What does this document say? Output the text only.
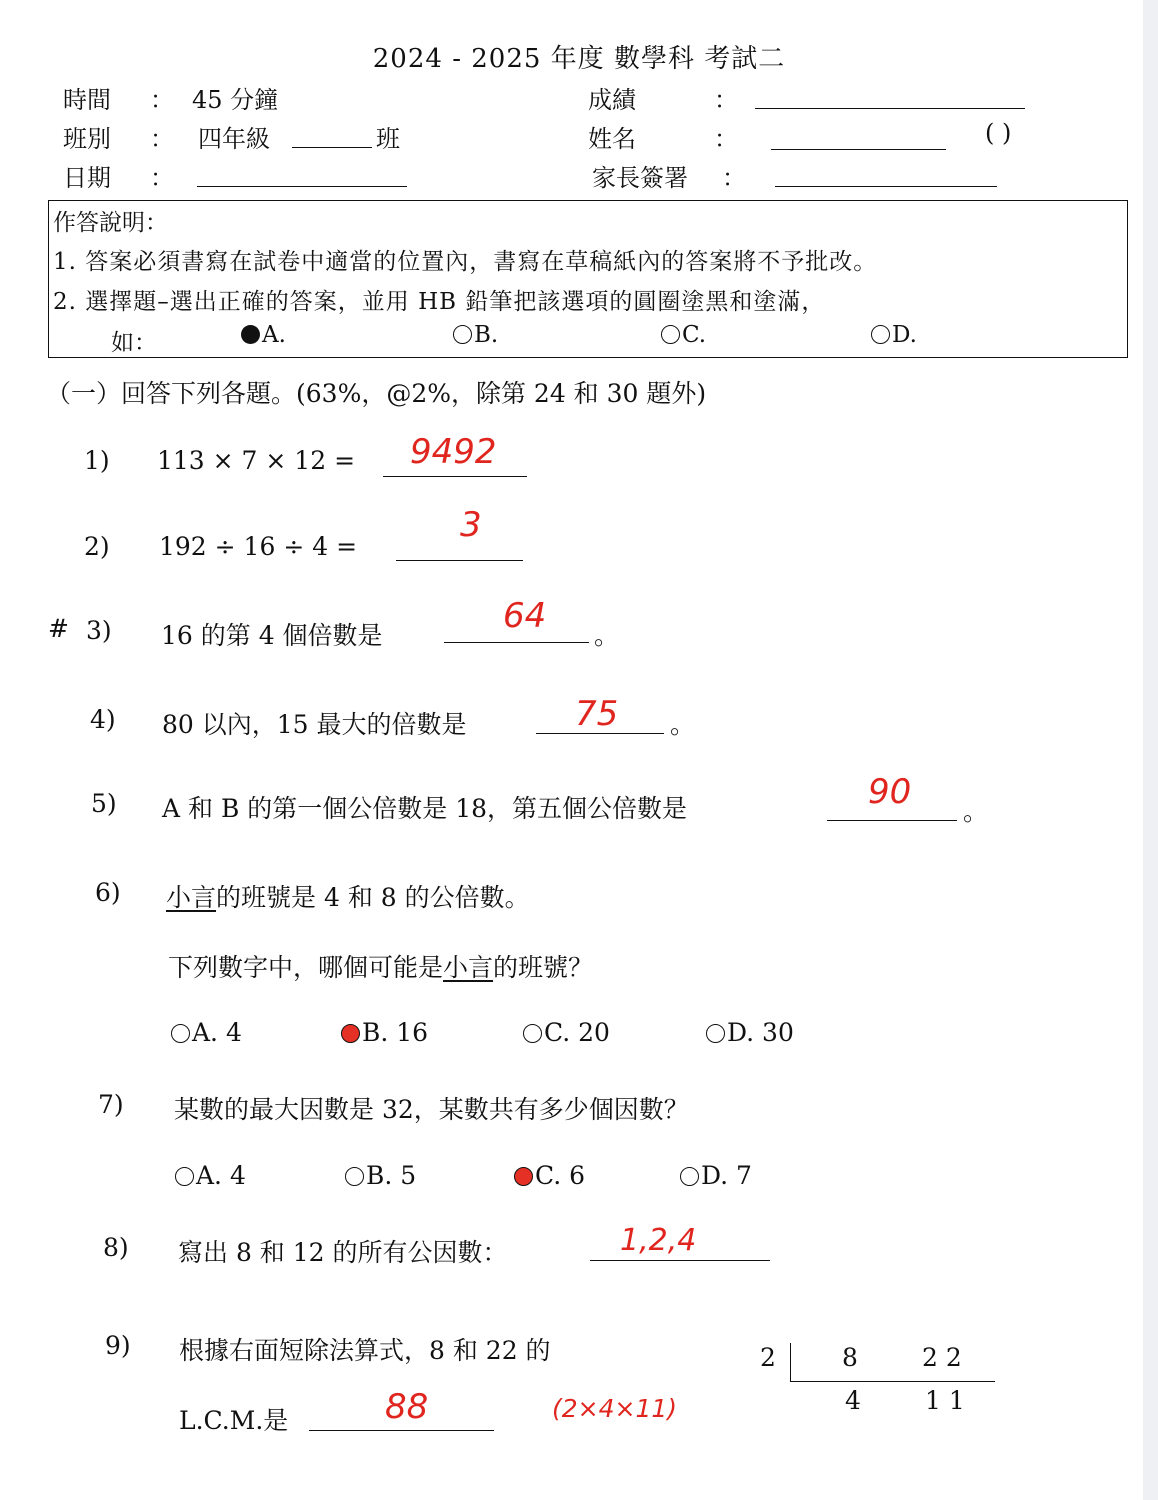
2024 - 2025 年度 數學科 考試二
時間 ： 45 分鐘
班別 ： 四年級	班
日期 ：
成績	：
姓名	：	( )
家長簽署 ：
作答說明：
1. 答案必須書寫在試卷中適當的位置內，書寫在草稿紙內的答案將不予批改。
2. 選擇題–選出正確的答案，並用 HB 鉛筆把該選項的圓圈塗黑和塗滿，
如：	A.	B.	C.	D.
（一）回答下列各題。(63%，@2%，除第 24 和 30 題外)
1) 113 × 7 × 12 = 9492
2) 192 ÷ 16 ÷ 4 =
3
# 3) 16 的第 4 個倍數是	。
64
4) 80 以內，15 最大的倍數是	。
75
5) A 和 B 的第一個公倍數是 18，第五個公倍數是	。
90
6) 小言的班號是 4 和 8 的公倍數。
下列數字中，哪個可能是小言的班號？
A. 4	B. 16	C. 20	D. 30
7) 某數的最大因數是 32，某數共有多少個因數？
A. 4	B. 5	C. 6	D. 7
8) 寫出 8 和 12 的所有公因數：	1,2,4
9) 根據右面短除法算式，8 和 22 的
L.C.M.是	88	(2×4×11)
2	8	2 2
4	1 1
